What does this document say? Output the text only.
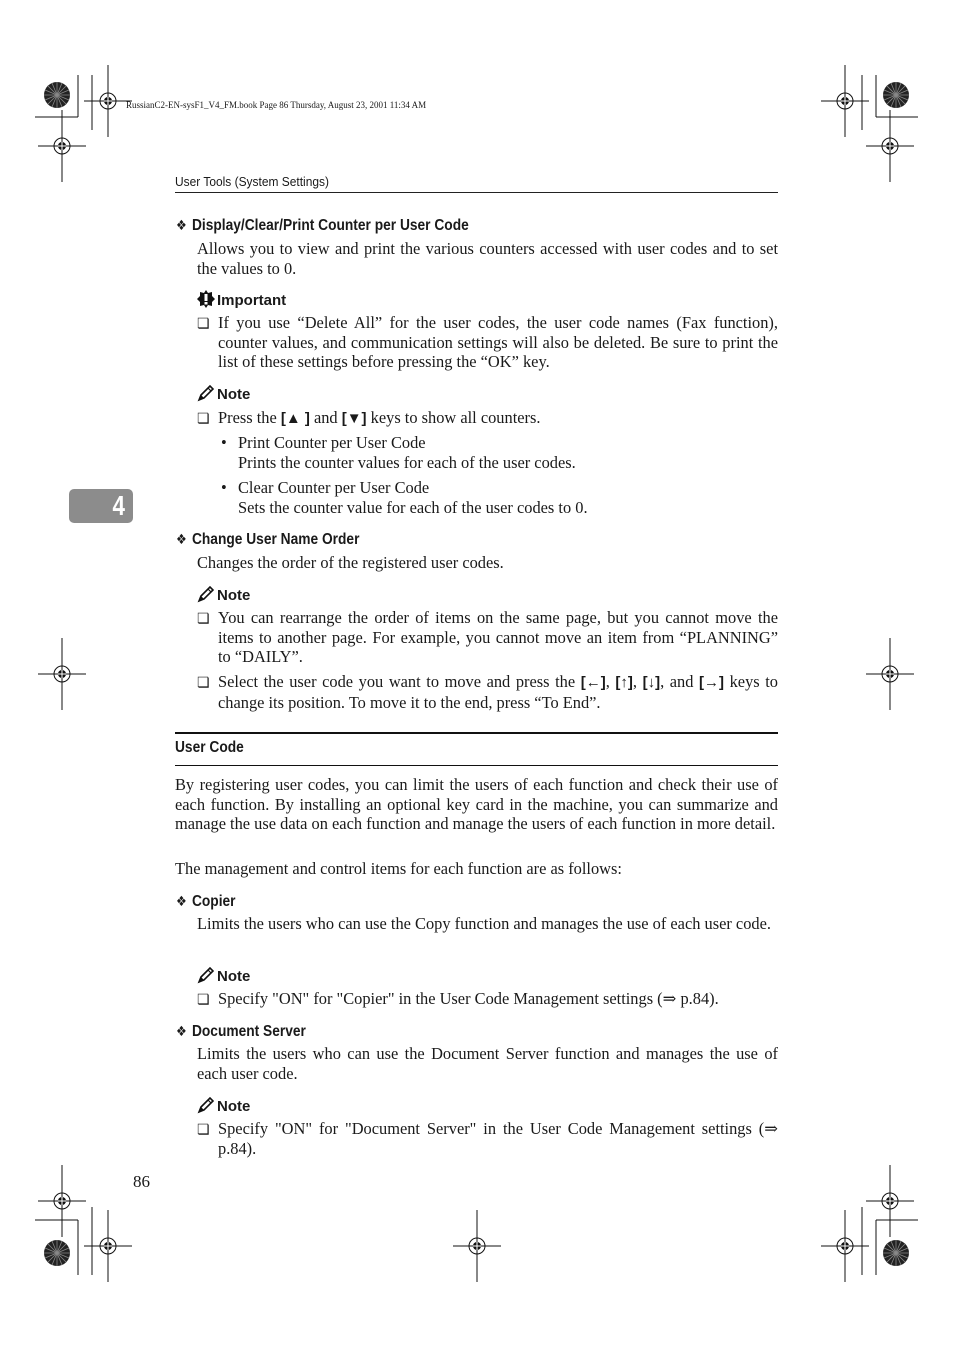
RussianC2-EN-sysF1_V4_FM.book Page 86 Thursday, August 23, 2001 11:34 AM
User Tools (System Settings)
4
❖ Display/Clear/Print Counter per User Code
Allows you to view and print the various counters accessed with user codes and to set the values to 0.
Important
❏ If you use “Delete All” for the user codes, the user code names (Fax function), counter values, and communication settings will also be deleted. Be sure to print the list of these settings before pressing the “OK” key.
Note
❏ Press the [▲ ] and [▼] keys to show all counters.
• Print Counter per User Code
Prints the counter values for each of the user codes.
• Clear Counter per User Code
Sets the counter value for each of the user codes to 0.
❖ Change User Name Order
Changes the order of the registered user codes.
Note
❏ You can rearrange the order of items on the same page, but you cannot move the items to another page. For example, you cannot move an item from “PLANNING” to “DAILY”.
❏ Select the user code you want to move and press the [←], [↑], [↓], and [→] keys to change its position. To move it to the end, press “To End”.
User Code
By registering user codes, you can limit the users of each function and check their use of each function. By installing an optional key card in the machine, you can summarize and manage the use data on each function and manage the users of each function in more detail.
The management and control items for each function are as follows:
❖ Copier
Limits the users who can use the Copy function and manages the use of each user code.
Note
❏ Specify "ON" for "Copier" in the User Code Management settings (⇒ p.84).
❖ Document Server
Limits the users who can use the Document Server function and manages the use of each user code.
Note
❏ Specify "ON" for "Document Server" in the User Code Management settings (⇒ p.84).
86
